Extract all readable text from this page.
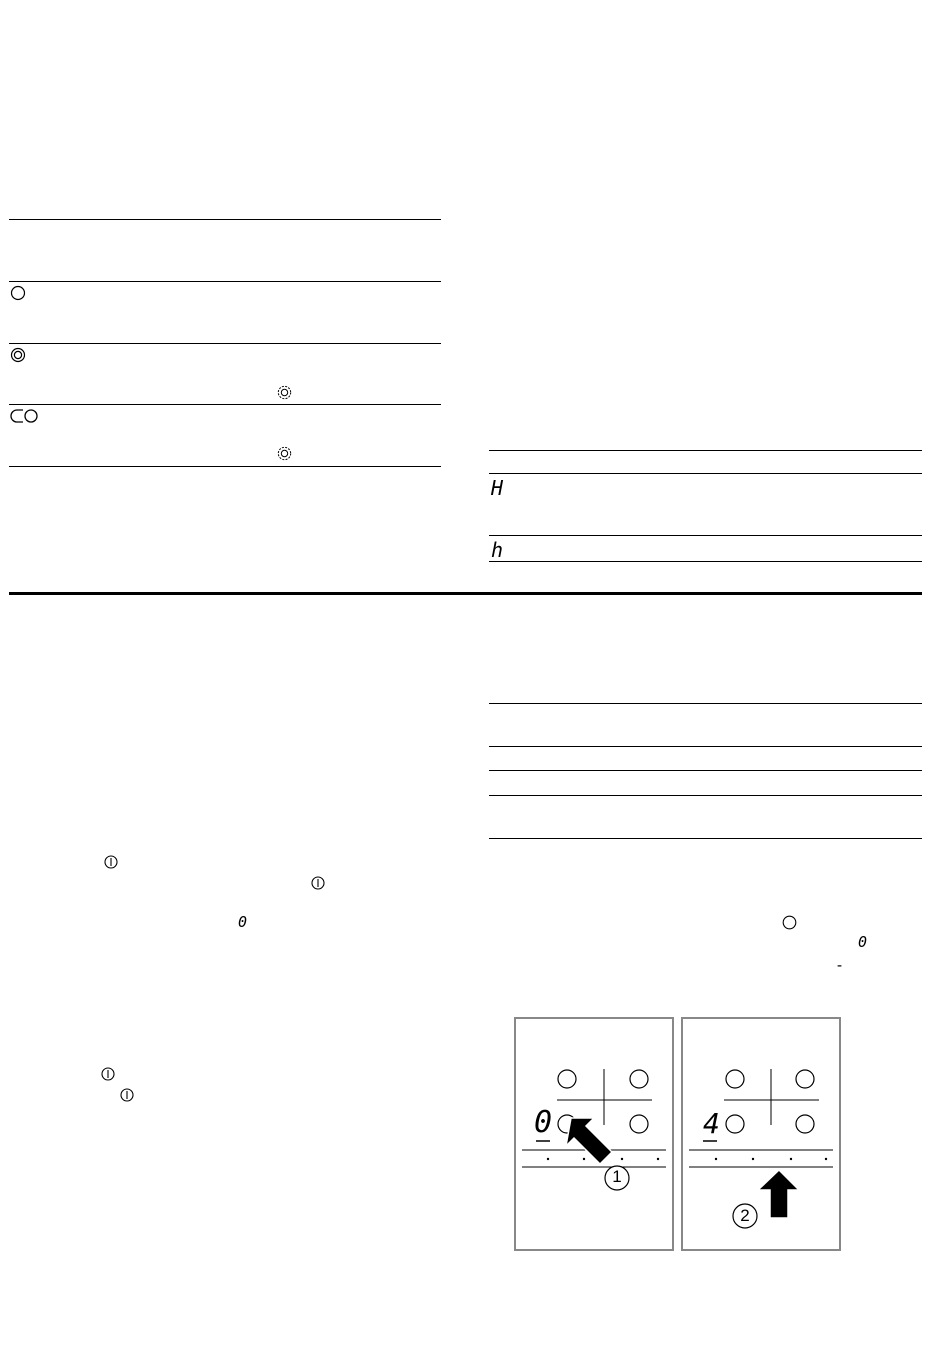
H
h
0
0
-
0
1
4
2
